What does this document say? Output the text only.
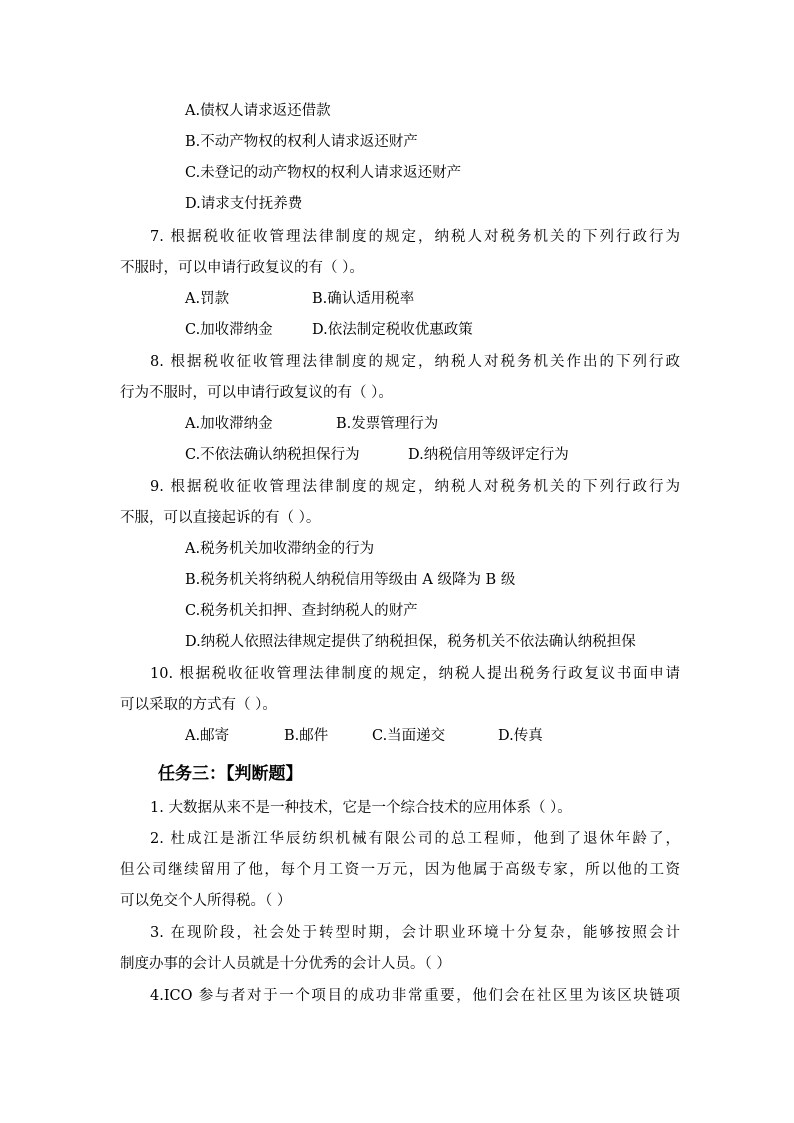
A.债权人请求返还借款
B.不动产物权的权利人请求返还财产
C.未登记的动产物权的权利人请求返还财产
D.请求支付抚养费
7. 根据税收征收管理法律制度的规定，纳税人对税务机关的下列行政行为
不服时，可以申请行政复议的有（ ）。
A.罚款	B.确认适用税率
C.加收滞纳金	D.依法制定税收优惠政策
8. 根据税收征收管理法律制度的规定，纳税人对税务机关作出的下列行政
行为不服时，可以申请行政复议的有（ ）。
A.加收滞纳金	B.发票管理行为
C.不依法确认纳税担保行为	D.纳税信用等级评定行为
9. 根据税收征收管理法律制度的规定，纳税人对税务机关的下列行政行为
不服，可以直接起诉的有（ ）。
A.税务机关加收滞纳金的行为
B.税务机关将纳税人纳税信用等级由 A 级降为 B 级
C.税务机关扣押、查封纳税人的财产
D.纳税人依照法律规定提供了纳税担保，税务机关不依法确认纳税担保
10. 根据税收征收管理法律制度的规定，纳税人提出税务行政复议书面申请
可以采取的方式有（ ）。
A.邮寄	B.邮件	C.当面递交	D.传真
任务三：【判断题】
1. 大数据从来不是一种技术，它是一个综合技术的应用体系（ ）。
2. 杜成江是浙江华辰纺织机械有限公司的总工程师，他到了退休年龄了，
但公司继续留用了他，每个月工资一万元，因为他属于高级专家，所以他的工资
可以免交个人所得税。（ ）
3. 在现阶段，社会处于转型时期，会计职业环境十分复杂，能够按照会计
制度办事的会计人员就是十分优秀的会计人员。（ ）
4.ICO 参与者对于一个项目的成功非常重要，他们会在社区里为该区块链项
